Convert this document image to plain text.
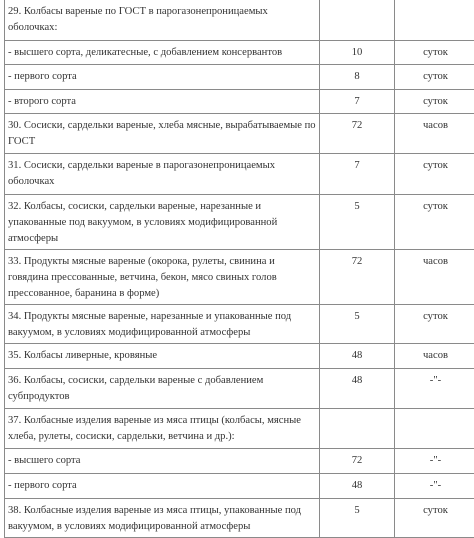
29. Колбасы вареные по ГОСТ в парогазонепроницаемых оболочках:		
- высшего сорта, деликатесные, с добавлением консервантов	10	суток
- первого сорта	8	суток
- второго сорта	7	суток
30. Сосиски, сардельки вареные, хлеба мясные, вырабатываемые по ГОСТ	72	часов
31. Сосиски, сардельки вареные в парогазонепроницаемых оболочках	7	суток
32. Колбасы, сосиски, сардельки вареные, нарезанные и упакованные под вакуумом, в условиях модифицированной атмосферы	5	суток
33. Продукты мясные вареные (окорока, рулеты, свинина и говядина прессованные, ветчина, бекон, мясо свиных голов прессованное, баранина в форме)	72	часов
34. Продукты мясные вареные, нарезанные и упакованные под вакуумом, в условиях модифицированной атмосферы	5	суток
35. Колбасы ливерные, кровяные	48	часов
36. Колбасы, сосиски, сардельки вареные с добавлением субпродуктов	48	-"-
37. Колбасные изделия вареные из мяса птицы (колбасы, мясные хлеба, рулеты, сосиски, сардельки, ветчина и др.):		
- высшего сорта	72	-"-
- первого сорта	48	-"-
38. Колбасные изделия вареные из мяса птицы, упакованные под вакуумом, в условиях модифицированной атмосферы	5	суток
